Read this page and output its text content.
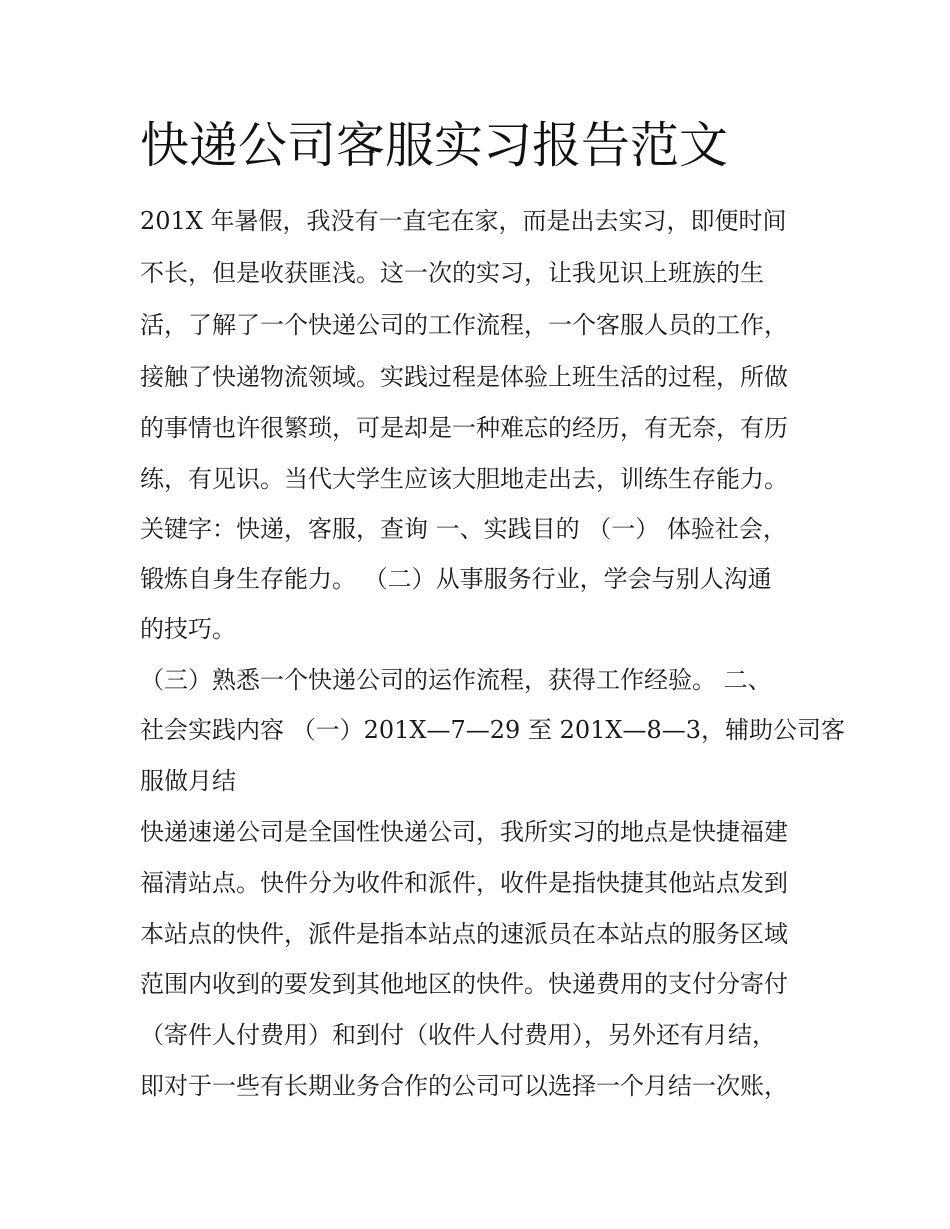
快递公司客服实习报告范文

201X 年暑假，我没有一直宅在家，而是出去实习，即便时间

不长，但是收获匪浅。这一次的实习，让我见识上班族的生

活，了解了一个快递公司的工作流程，一个客服人员的工作，

接触了快递物流领域。实践过程是体验上班生活的过程，所做

的事情也许很繁琐，可是却是一种难忘的经历，有无奈，有历

练，有见识。当代大学生应该大胆地走出去，训练生存能力。

关键字：快递，客服，查询 一、实践目的 （一） 体验社会，

锻炼自身生存能力。 （二）从事服务行业，学会与别人沟通

的技巧。

（三）熟悉一个快递公司的运作流程，获得工作经验。 二、

社会实践内容 （一）201X—7—29 至 201X—8—3，辅助公司客

服做月结

快递速递公司是全国性快递公司，我所实习的地点是快捷福建

福清站点。快件分为收件和派件，收件是指快捷其他站点发到

本站点的快件，派件是指本站点的速派员在本站点的服务区域

范围内收到的要发到其他地区的快件。快递费用的支付分寄付

（寄件人付费用）和到付（收件人付费用），另外还有月结，

即对于一些有长期业务合作的公司可以选择一个月结一次账，
